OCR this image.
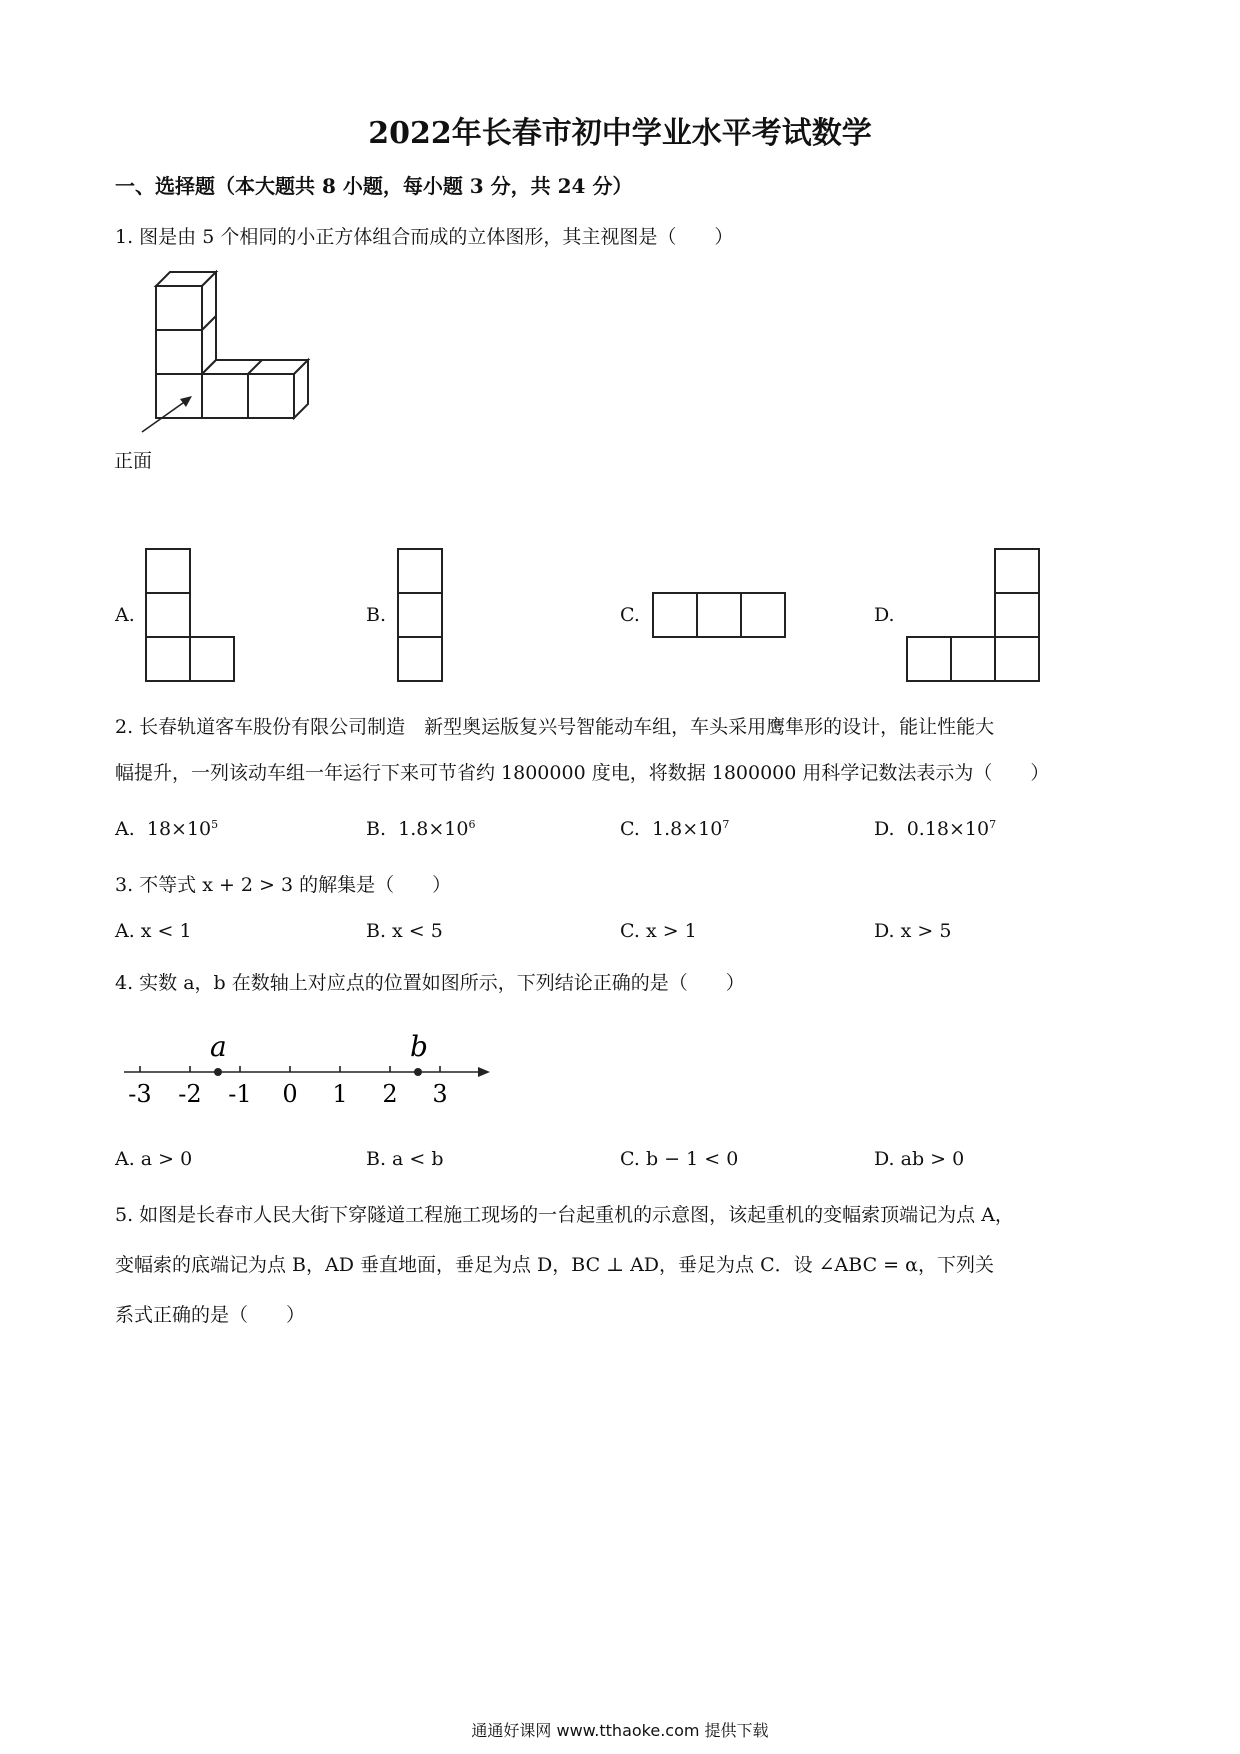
2022年长春市初中学业水平考试数学
一、选择题（本大题共 8 小题，每小题 3 分，共 24 分）
1. 图是由 5 个相同的小正方体组合而成的立体图形，其主视图是（　　）
正面
A.	B.	C.	D.
2. 长春轨道客车股份有限公司制造　新型奥运版复兴号智能动车组，车头采用鹰隼形的设计，能让性能大
幅提升，一列该动车组一年运行下来可节省约 1800000 度电，将数据 1800000 用科学记数法表示为（　　）
A. $18\times 10^5$	B. $1.8\times 10^6$	C. $1.8\times 10^7$	D. $0.18\times 10^7$
3. 不等式 x + 2 > 3 的解集是（　　）
A. x < 1	B. x < 5	C. x > 1	D. x > 5
4. 实数 a，b 在数轴上对应点的位置如图所示，下列结论正确的是（　　）
-3 -2 -1 0 1 2 3
a	b
A. a > 0	B. a < b	C. b − 1 < 0	D. ab > 0
5. 如图是长春市人民大街下穿隧道工程施工现场的一台起重机的示意图，该起重机的变幅索顶端记为点 A，
变幅索的底端记为点 B，AD 垂直地面，垂足为点 D，BC ⊥ AD，垂足为点 C．设 ∠ABC = α，下列关
系式正确的是（　　）
通通好课网 www.tthaoke.com 提供下载
